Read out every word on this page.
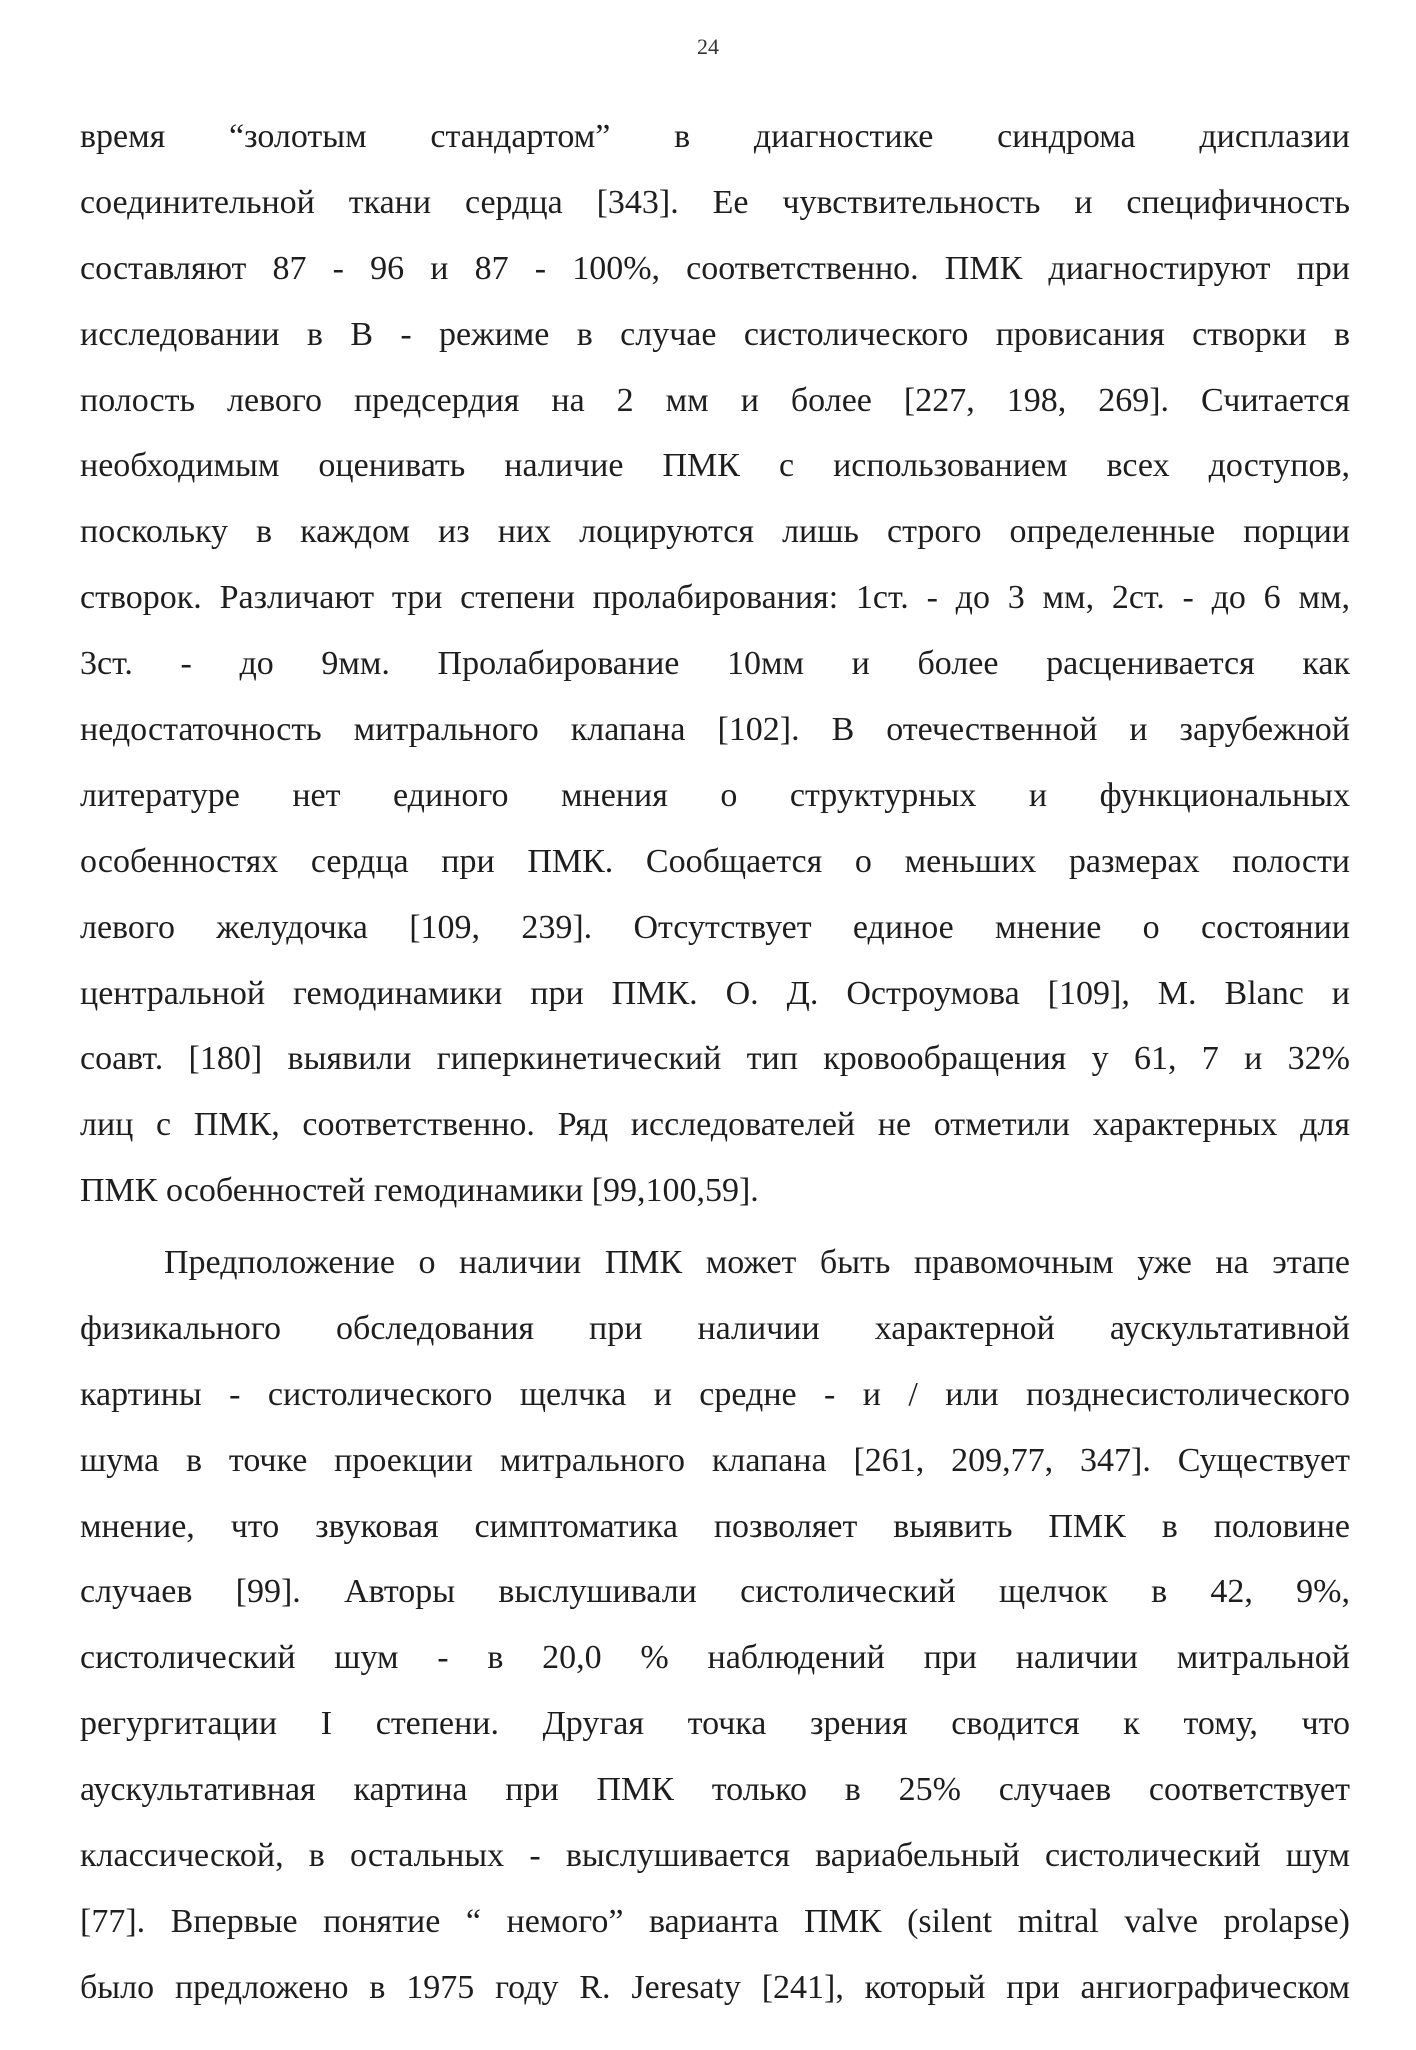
24
время “золотым стандартом” в диагностике синдрома дисплазии
соединительной ткани сердца [343]. Ее чувствительность и специфичность
составляют 87 - 96 и 87 - 100%, соответственно. ПМК диагностируют при
исследовании в В - режиме в случае систолического провисания створки в
полость левого предсердия на 2 мм и более [227, 198, 269]. Считается
необходимым оценивать наличие ПМК с использованием всех доступов,
поскольку в каждом из них лоцируются лишь строго определенные порции
створок. Различают три степени пролабирования: 1ст. - до 3 мм, 2ст. - до 6 мм,
3ст. - до 9мм. Пролабирование 10мм и более расценивается как
недостаточность митрального клапана [102]. В отечественной и зарубежной
литературе нет единого мнения о структурных и функциональных
особенностях сердца при ПМК. Сообщается о меньших размерах полости
левого желудочка [109, 239]. Отсутствует единое мнение о состоянии
центральной гемодинамики при ПМК. О. Д. Остроумова [109], M. Blanc и
соавт. [180] выявили гиперкинетический тип кровообращения у 61, 7 и 32%
лиц с ПМК, соответственно. Ряд исследователей не отметили характерных для
ПМК особенностей гемодинамики [99,100,59].
Предположение о наличии ПМК может быть правомочным уже на этапе
физикального обследования при наличии характерной аускультативной
картины - систолического щелчка и средне - и / или позднесистолического
шума в точке проекции митрального клапана [261, 209,77, 347]. Существует
мнение, что звуковая симптоматика позволяет выявить ПМК в половине
случаев [99]. Авторы выслушивали систолический щелчок в 42, 9%,
систолический шум - в 20,0 % наблюдений при наличии митральной
регургитации I степени. Другая точка зрения сводится к тому, что
аускультативная картина при ПМК только в 25% случаев соответствует
классической, в остальных - выслушивается вариабельный систолический шум
[77]. Впервые понятие “ немого” варианта ПМК (silent mitral valve prolapse)
было предложено в 1975 году R. Jeresaty [241], который при ангиографическом
